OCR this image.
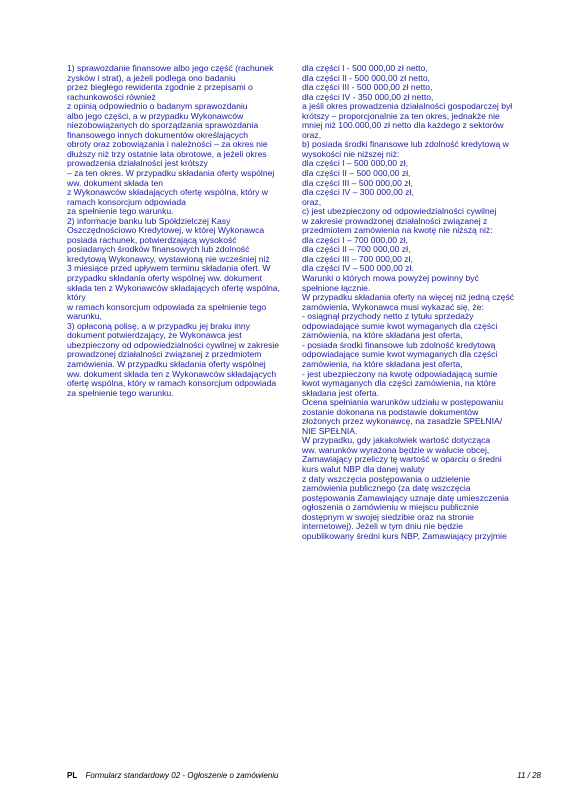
1) sprawozdanie finansowe albo jego część (rachunek
zysków i strat), a jeżeli podlega ono badaniu
przez biegłego rewidenta zgodnie z przepisami o
rachunkowości również
z opinią odpowiednio o badanym sprawozdaniu
albo jego części, a w przypadku Wykonawców
niezobowiązanych do sporządzania sprawozdania
finansowego innych dokumentów określających
obroty oraz zobowiązania i należności – za okres nie
dłuższy niż trzy ostatnie lata obrotowe, a jeżeli okres
prowadzenia działalności jest krótszy
– za ten okres. W przypadku składania oferty wspólnej
ww. dokument składa ten
z Wykonawców składających ofertę wspólna, który w
ramach konsorcjum odpowiada
za spełnienie tego warunku.
2) informacje banku lub Spółdzielczej Kasy
Oszczędnościowo Kredytowej, w której Wykonawca
posiada rachunek, potwierdzającą wysokość
posiadanych środków finansowych lub zdolność
kredytową Wykonawcy, wystawioną nie wcześniej niż
3 miesiące przed upływem terminu składania ofert. W
przypadku składania oferty wspólnej ww. dokument
składa ten z Wykonawców składających ofertę wspólna,
który
w ramach konsorcjum odpowiada za spełnienie tego
warunku,
3) opłaconą polisę, a w przypadku jej braku inny
dokument potwierdzający, że Wykonawca jest
ubezpieczony od odpowiedzialności cywilnej w zakresie
prowadzonej działalności związanej z przedmiotem
zamówienia. W przypadku składania oferty wspólnej
ww. dokument składa ten z Wykonawców składających
ofertę wspólna, który w ramach konsorcjum odpowiada
za spełnienie tego warunku.
dla części I - 500 000,00 zł netto,
dla części II - 500 000,00 zł netto,
dla części III - 500 000,00 zł netto,
dla części IV - 350 000,00 zł netto,
a jeśli okres prowadzenia działalności gospodarczej był
krótszy – proporcjonalnie za ten okres, jednakże nie
mniej niż 100.000,00 zł netto dla każdego z sektorów
oraz,
b) posiada środki finansowe lub zdolność kredytową w
wysokości nie niższej niż:
dla części I – 500 000,00 zł,
dla części II – 500 000,00 zł,
dla części III – 500 000,00 zł,
dla części IV – 300 000,00 zł,
oraz,
c) jest ubezpieczony od odpowiedzialności cywilnej
w zakresie prowadzonej działalności związanej z
przedmiotem zamówienia na kwotę nie niższą niż:
dla części I – 700 000,00 zł,
dla części II – 700 000,00 zł,
dla części III – 700 000,00 zł,
dla części IV – 500 000,00 zł.
Warunki o których mowa powyżej powinny być
spełnione łącznie.
W przypadku składania oferty na więcej niż jedną część
zamówienia, Wykonawca musi wykazać się, że:
- osiągnął przychody netto z tytułu sprzedaży
odpowiadające sumie kwot wymaganych dla części
zamówienia, na które składana jest oferta,
- posiada środki finansowe lub zdolność kredytową
odpowiadające sumie kwot wymaganych dla części
zamówienia, na które składana jest oferta,
- jest ubezpieczony na kwotę odpowiadającą sumie
kwot wymaganych dla części zamówienia, na które
składana jest oferta.
Ocena spełniania warunków udziału w postępowaniu
zostanie dokonana na podstawie dokumentów
złożonych przez wykonawcę, na zasadzie SPEŁNIA/
NIE SPEŁNIA.
W przypadku, gdy jakakolwiek wartość dotycząca
ww. warunków wyrażona będzie w walucie obcej,
Zamawiający przeliczy tę wartość w oparciu o średni
kurs walut NBP dla danej waluty
z daty wszczęcia postępowania o udzielenie
zamówienia publicznego (za datę wszczęcia
postępowania Zamawiający uznaje datę umieszczenia
ogłoszenia o zamówieniu w miejscu publicznie
dostępnym w swojej siedzibie oraz na stronie
internetowej). Jeżeli w tym dniu nie będzie
opublikowany średni kurs NBP, Zamawiający przyjmie
PL Formularz standardowy 02 - Ogłoszenie o zamówieniu	11 / 28
